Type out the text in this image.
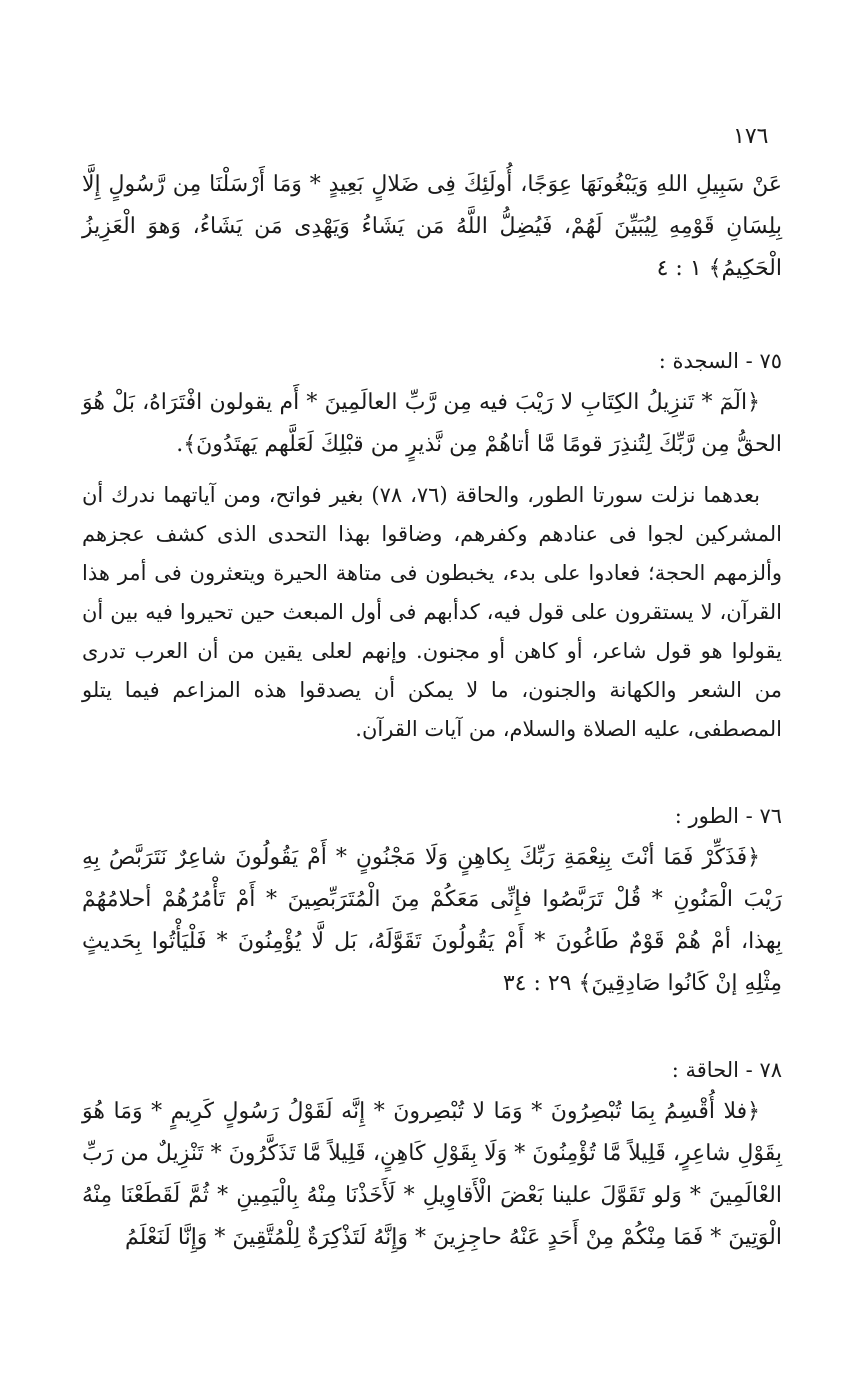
١٧٦

عَنْ سَبِيلِ اللهِ وَيَبْغُونَهَا عِوَجًا، أُولَئِكَ فِى ضَلالٍ بَعِيدٍ * وَمَا أَرْسَلْنَا مِن رَّسُولٍ إِلَّا بِلِسَانِ قَوْمِهِ لِيُبَيِّنَ لَهُمْ، فَيُضِلُّ اللَّهُ مَن يَشَاءُ وَيَهْدِى مَن يَشَاءُ، وَهوَ الْعَزِيزُ الْحَكِيمُ﴾ ١ : ٤

٧٥ - السجدة :

﴿الٓمٓ * تَنزِيلُ الكِتَابِ لا رَيْبَ فيه مِن رَّبِّ العالَمِينَ * أَم يقولون افْتَرَاهُ، بَلْ هُوَ الحقُّ مِن رَّبِّكَ لِتُنذِرَ قومًا مَّا أتاهُمْ مِن نَّذيرٍ من قبْلِكَ لَعَلَّهم يَهتَدُونَ﴾.

بعدهما نزلت سورتا الطور، والحاقة (٧٦، ٧٨) بغير فواتح، ومن آياتهما ندرك أن المشركين لجوا فى عنادهم وكفرهم، وضاقوا بهذا التحدى الذى كشف عجزهم وألزمهم الحجة؛ فعادوا على بدء، يخبطون فى متاهة الحيرة ويتعثرون فى أمر هذا القرآن، لا يستقرون على قول فيه، كدأبهم فى أول المبعث حين تحيروا فيه بين أن يقولوا هو قول شاعر، أو كاهن أو مجنون. وإنهم لعلى يقين من أن العرب تدرى من الشعر والكهانة والجنون، ما لا يمكن أن يصدقوا هذه المزاعم فيما يتلو المصطفى، عليه الصلاة والسلام، من آيات القرآن.

٧٦ - الطور :

﴿فَذَكِّرْ فَمَا أنْتَ بِنِعْمَةِ رَبِّكَ بِكاهِنٍ وَلَا مَجْنُونٍ * أَمْ يَقُولُونَ شاعِرٌ نَتَرَبَّصُ بِهِ رَيْبَ الْمَنُونِ * قُلْ تَرَبَّصُوا فإِنِّى مَعَكُمْ مِنَ الْمُتَرَبِّصِينَ * أَمْ تَأْمُرُهُمْ أحلامُهُمْ بِهذا، أمْ هُمْ قَوْمٌ طَاغُونَ * أَمْ يَقُولُونَ تَقَوَّلَهُ، بَل لَّا يُؤْمِنُونَ * فَلْيَأْتُوا بِحَديثٍ مِثْلِهِ إنْ كَانُوا صَادِقِينَ﴾ ٢٩ : ٣٤

٧٨ - الحاقة :

﴿فلا أُقْسِمُ بِمَا تُبْصِرُونَ * وَمَا لا تُبْصِرونَ * إِنَّه لَقَوْلُ رَسُولٍ كَرِيمٍ * وَمَا هُوَ بِقَوْلِ شاعِرٍ، قَلِيلاً مَّا تُؤْمِنُونَ * وَلَا بِقَوْلِ كَاهِنٍ، قَلِيلاً مَّا تَذَكَّرُونَ * تَنْزِيلٌ من رَبِّ العْالَمِينَ * وَلو تَقَوَّلَ علينا بَعْضَ الْأَقاوِيلِ * لَأَخَذْنَا مِنْهُ بِالْيَمِينِ * ثُمَّ لَقَطَعْنَا مِنْهُ الْوَتِينَ * فَمَا مِنْكُمْ مِنْ أَحَدٍ عَنْهُ حاجِزِينَ * وَإِنَّهُ لَتَذْكِرَةٌ لِلْمُتَّقِينَ * وَإِنَّا لَنَعْلَمُ
